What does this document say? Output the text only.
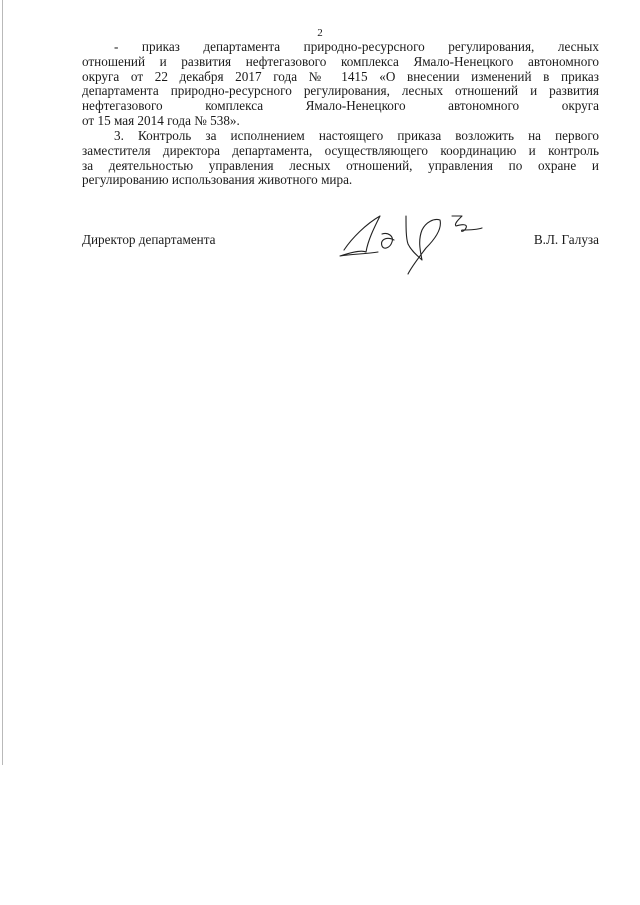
2
- приказ департамента природно-ресурсного регулирования, лесных
отношений и развития нефтегазового комплекса Ямало-Ненецкого автономного
округа от 22 декабря 2017 года № 1415 «О внесении изменений в приказ
департамента природно-ресурсного регулирования, лесных отношений и развития
нефтегазового комплекса Ямало-Ненецкого автономного округа
от 15 мая 2014 года № 538».
3. Контроль за исполнением настоящего приказа возложить на первого
заместителя директора департамента, осуществляющего координацию и контроль
за деятельностью управления лесных отношений, управления по охране и
регулированию использования животного мира.
Директор департамента	В.Л. Галуза
